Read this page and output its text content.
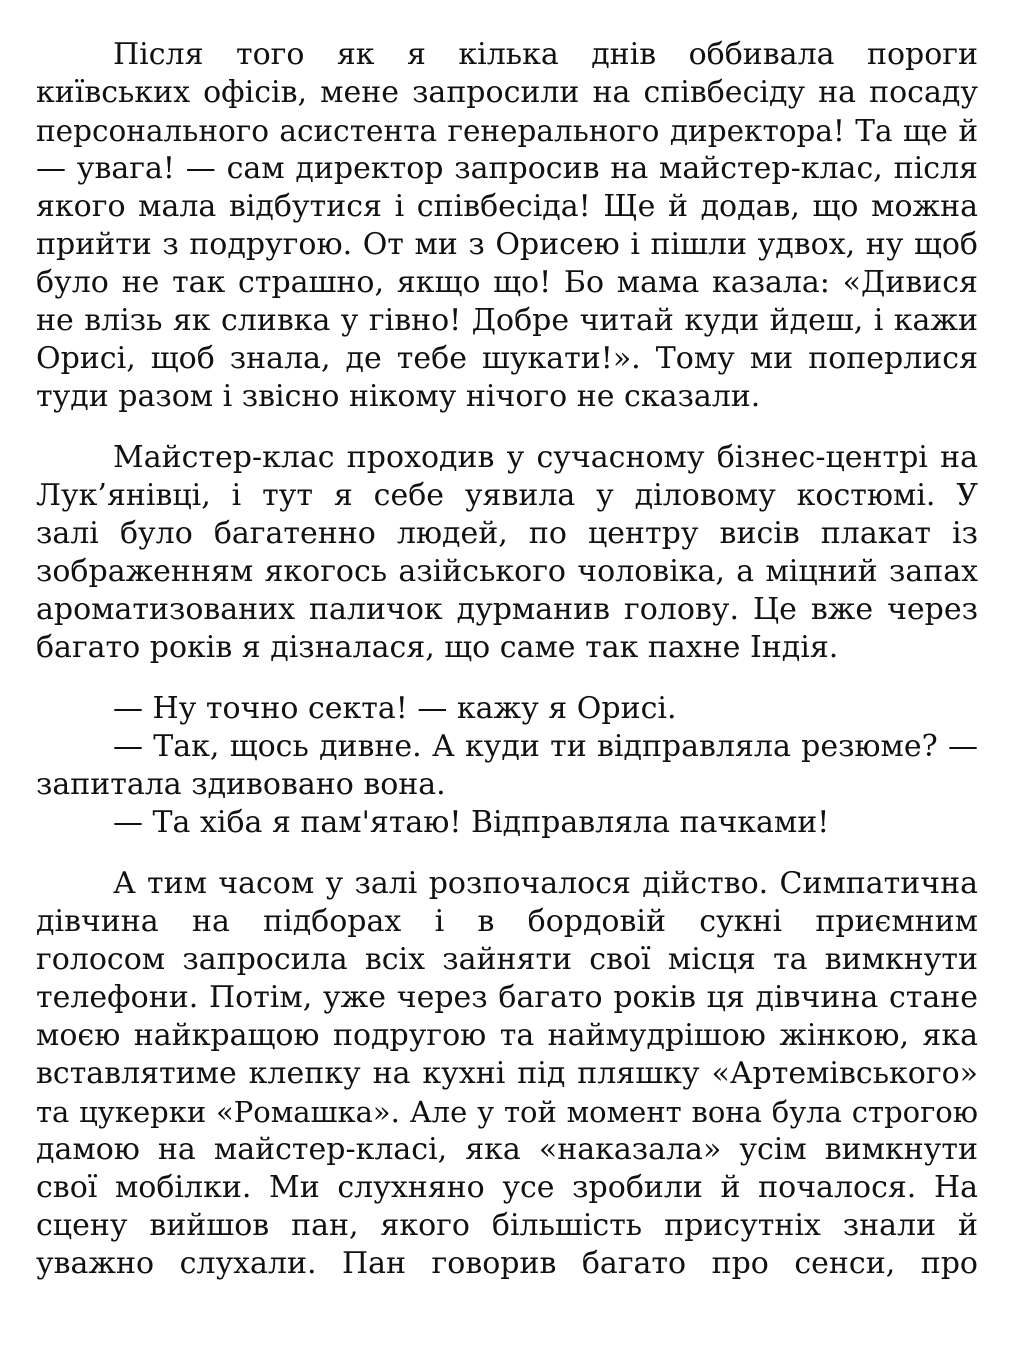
Після того як я кілька днів оббивала пороги
київських офісів, мене запросили на співбесіду на посаду
персонального асистента генерального директора! Та ще й
— увага! — сам директор запросив на майстер-клас, після
якого мала відбутися і співбесіда! Ще й додав, що можна
прийти з подругою. От ми з Орисею і пішли удвох, ну щоб
було не так страшно, якщо що! Бо мама казала: «Дивися
не влізь як сливка у гівно! Добре читай куди йдеш, і кажи
Орисі, щоб знала, де тебе шукати!». Тому ми поперлися
туди разом і звісно нікому нічого не сказали.
Майстер-клас проходив у сучасному бізнес-центрі на
Лук’янівці, і тут я себе уявила у діловому костюмі. У
залі було багатенно людей, по центру висів плакат із
зображенням якогось азійського чоловіка, а міцний запах
ароматизованих паличок дурманив голову. Це вже через
багато років я дізналася, що саме так пахне Індія.
— Ну точно секта! — кажу я Орисі.
— Так, щось дивне. А куди ти відправляла резюме? —
запитала здивовано вона.
— Та хіба я пам'ятаю! Відправляла пачками!
А тим часом у залі розпочалося дійство. Симпатична
дівчина на підборах і в бордовій сукні приємним
голосом запросила всіх зайняти свої місця та вимкнути
телефони. Потім, уже через багато років ця дівчина стане
моєю найкращою подругою та наймудрішою жінкою, яка
вставлятиме клепку на кухні під пляшку «Артемівського»
та цукерки «Ромашка». Але у той момент вона була строгою
дамою на майстер-класі, яка «наказала» усім вимкнути
свої мобілки. Ми слухняно усе зробили й почалося. На
сцену вийшов пан, якого більшість присутніх знали й
уважно слухали. Пан говорив багато про сенси, про
